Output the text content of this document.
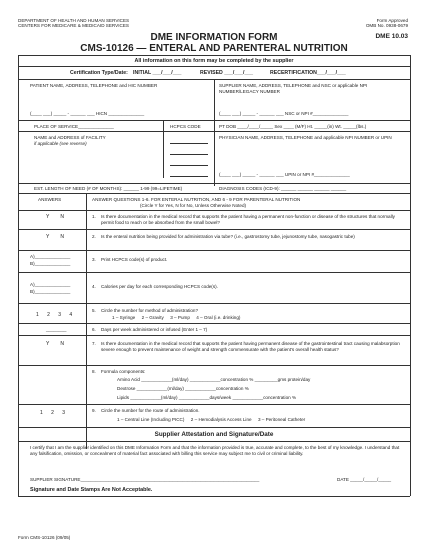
DEPARTMENT OF HEALTH AND HUMAN SERVICES
CENTERS FOR MEDICARE & MEDICAID SERVICES
Form Approved
OMB No. 0938-0679
DME INFORMATION FORM	DME 10.03
CMS-10126 — ENTERAL AND PARENTERAL NUTRITION
All information on this form may be completed by the supplier
Certification Type/Date: INITIAL ___/___/___	REVISED ___/___/___	RECERTIFICATION___/___/___
PATIENT NAME, ADDRESS, TELEPHONE and HIC NUMBER	SUPPLIER NAME, ADDRESS, TELEPHONE and NSC or applicable NPI NUMBER/LEGACY NUMBER
(____ ___) _____ - ______ ___ HICN ______________	(____ ___) _____ - ______ ___ NSC or NPI #______________
PLACE OF SERVICE______________	HCPCS CODE	PT DOB ____/____/_____ Sex ____ (M/F) Ht. _____(in) Wt. _____(lbs.)
NAME and ADDRESS of FACILITY
if applicable (see reverse)
PHYSICIAN NAME, ADDRESS, TELEPHONE and applicable NPI NUMBER or UPIN
(____ ___) _____ - ______ ___ UPIN or NPI #______________
EST. LENGTH OF NEED (# OF MONTHS): ______ 1-99 (99=LIFETIME)	DIAGNOSIS CODES (ICD-9): ______ ______ ______ ______
ANSWERS	ANSWER QUESTIONS 1-6. FOR ENTERAL NUTRITION, AND 6 - 9 FOR PARENTERAL NUTRITION
(Circle Y for Yes, N for No, Unless Otherwise Noted)
Y        N	1. Is there documentation in the medical record that supports the patient having a permanent non-function or disease of the structures that normally permit food to reach or be absorbed from the small bowel?
Y        N	2. Is the enteral nutrition being provided for administration via tube? (i.e., gastrostomy tube, jejunostomy tube, nasogastric tube)
A)______________
B)______________
3. Print HCPCS code(s) of product.
A)______________
B)______________
4. Calories per day for each corresponding HCPCS code(s).
1      2      3      4
5. Circle the number for method of administration?
1 – Syringe     2 – Gravity     3 – Pump     4 – Oral (i.e. drinking)
________	6. Days per week administered or infused (Enter 1 – 7)
Y        N	7. Is there documentation in the medical record that supports the patient having permanent disease of the gastrointestinal tract causing malabsorption severe enough to prevent maintenance of weight and strength commensurate with the patient's overall health status?
8. Formula components:
Amino Acid ____________(ml/day) ____________concentration % _________gms protein/day
Dextrose ____________(ml/day) ____________concentration %
Lipids ____________(ml/day) ____________days/week ____________concentration %
1      2      3	9. Circle the number for the route of administration.
1 – Central Line (Including PICC)     2 – Hemodialysis Access Line     3 – Peritoneal Catheter
Supplier Attestation and Signature/Date
I certify that I am the supplier identified on this DME Information Form and that the information provided is true, accurate and complete, to the best of my knowledge. I understand that any falsification, omission, or concealment of material fact associated with billing this service may subject me to civil or criminal liability.
SUPPLIER SIGNATURE______________________________________________________________________	DATE _____/_____/_____
Signature and Date Stamps Are Not Acceptable.
Form CMS-10126 (09/05)
